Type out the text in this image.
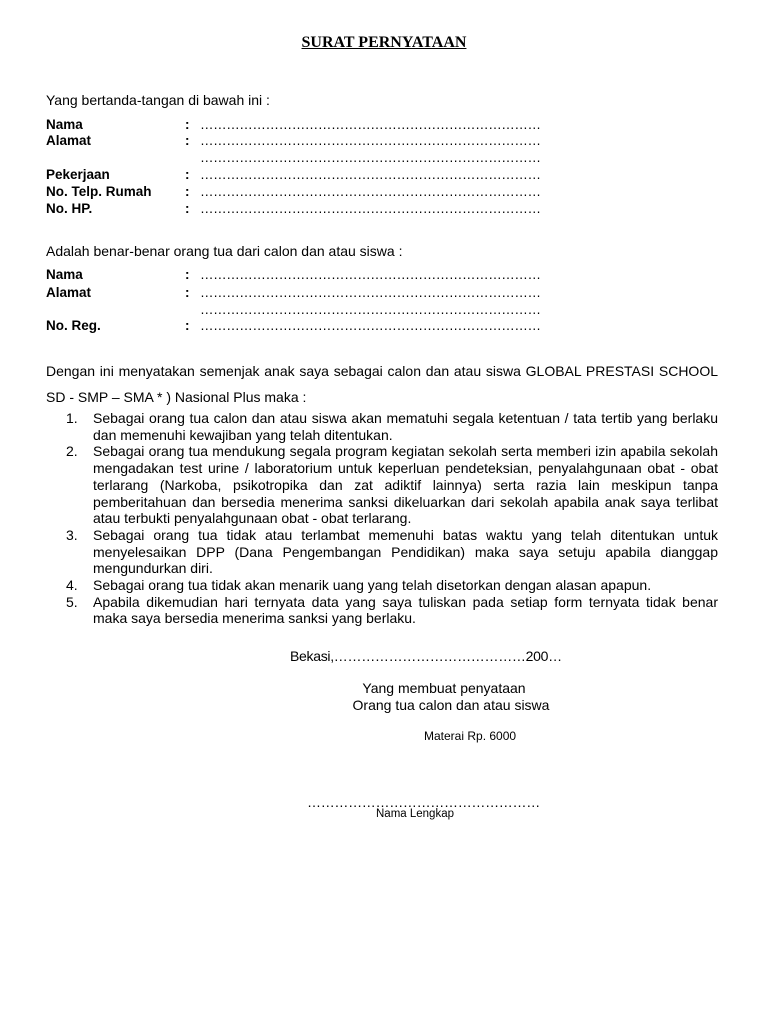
SURAT PERNYATAAN
Yang bertanda-tangan di bawah ini :
Nama	: ……………………………………………………………………
Alamat	: ……………………………………………………………………
……………………………………………………………………
Pekerjaan	: ……………………………………………………………………
No. Telp. Rumah : ……………………………………………………………………
No. HP.	: ……………………………………………………………………
Adalah benar-benar orang tua dari calon dan atau siswa :
Nama	: ……………………………………………………………………
Alamat	: ……………………………………………………………………
……………………………………………………………………
No. Reg.	: ……………………………………………………………………
Dengan ini menyatakan semenjak anak saya sebagai calon dan atau siswa GLOBAL PRESTASI SCHOOL SD - SMP – SMA * ) Nasional Plus maka :
1. Sebagai orang tua calon dan atau siswa akan mematuhi segala ketentuan / tata tertib yang berlaku dan memenuhi kewajiban yang telah ditentukan.
2. Sebagai orang tua mendukung segala program kegiatan sekolah serta memberi izin apabila sekolah mengadakan test urine / laboratorium untuk keperluan pendeteksian, penyalahgunaan obat - obat terlarang (Narkoba, psikotropika dan zat adiktif lainnya) serta razia lain meskipun tanpa pemberitahuan dan bersedia menerima sanksi dikeluarkan dari sekolah apabila anak saya terlibat atau terbukti penyalahgunaan obat - obat terlarang.
3. Sebagai orang tua tidak atau terlambat memenuhi batas waktu yang telah ditentukan untuk menyelesaikan DPP (Dana Pengembangan Pendidikan) maka saya setuju apabila dianggap mengundurkan diri.
4. Sebagai orang tua tidak akan menarik uang yang telah disetorkan dengan alasan apapun.
5. Apabila dikemudian hari ternyata data yang saya tuliskan pada setiap form ternyata tidak benar maka saya bersedia menerima sanksi yang berlaku.
Bekasi,……………………………………200…
Yang membuat penyataan
Orang tua calon dan atau siswa
Materai Rp. 6000
……………………………………………
Nama Lengkap
